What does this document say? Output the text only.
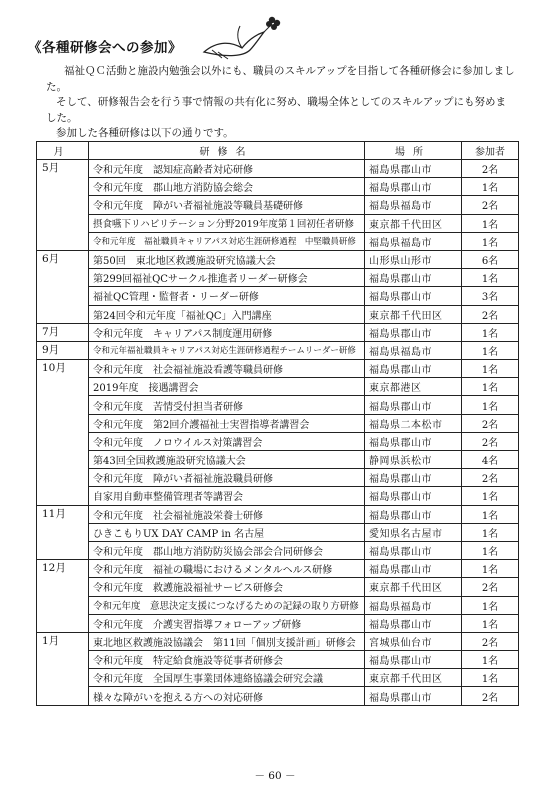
《各種研修会への参加》

福祉ＱＣ活動と施設内勉強会以外にも、職員のスキルアップを目指して各種研修会に参加しました。

そして、研修報告会を行う事で情報の共有化に努め、職場全体としてのスキルアップにも努めました。

参加した各種研修は以下の通りです。

月	研修名	場所	参加者
5月	令和元年度　認知症高齢者対応研修	福島県郡山市	2名
	令和元年度　郡山地方消防協会総会	福島県郡山市	1名
	令和元年度　障がい者福祉施設等職員基礎研修	福島県福島市	2名
	摂食嚥下リハビリテーション分野2019年度第１回初任者研修	東京都千代田区	1名
	令和元年度　福祉職員キャリアパス対応生涯研修過程　中堅職員研修	福島県福島市	1名
6月	第50回　東北地区救護施設研究協議大会	山形県山形市	6名
	第299回福祉QCサークル推進者リーダー研修会	福島県郡山市	1名
	福祉QC管理・監督者・リーダー研修	福島県郡山市	3名
	第24回令和元年度「福祉QC」入門講座	東京都千代田区	2名
7月	令和元年度　キャリアパス制度運用研修	福島県郡山市	1名
9月	令和元年福祉職員キャリアパス対応生涯研修過程チームリーダー研修	福島県福島市	1名
10月	令和元年度　社会福祉施設看護等職員研修	福島県郡山市	1名
	2019年度　接遇講習会	東京都港区	1名
	令和元年度　苦情受付担当者研修	福島県郡山市	1名
	令和元年度　第2回介護福祉士実習指導者講習会	福島県二本松市	2名
	令和元年度　ノロウイルス対策講習会	福島県郡山市	2名
	第43回全国救護施設研究協議大会	静岡県浜松市	4名
	令和元年度　障がい者福祉施設職員研修	福島県郡山市	2名
	自家用自動車整備管理者等講習会	福島県郡山市	1名
11月	令和元年度　社会福祉施設栄養士研修	福島県郡山市	1名
	ひきこもりUX DAY CAMP in 名古屋	愛知県名古屋市	1名
	令和元年度　郡山地方消防防災協会部会合同研修会	福島県郡山市	1名
12月	令和元年度　福祉の職場におけるメンタルヘルス研修	福島県郡山市	1名
	令和元年度　救護施設福祉サービス研修会	東京都千代田区	2名
	令和元年度　意思決定支援につなげるための記録の取り方研修	福島県福島市	1名
	令和元年度　介護実習指導フォローアップ研修	福島県郡山市	1名
1月	東北地区救護施設協議会　第11回「個別支援計画」研修会	宮城県仙台市	2名
	令和元年度　特定給食施設等従事者研修会	福島県郡山市	1名
	令和元年度　全国厚生事業団体連絡協議会研究会議	東京都千代田区	1名
	様々な障がいを抱える方への対応研修	福島県郡山市	2名
－ 60 －
